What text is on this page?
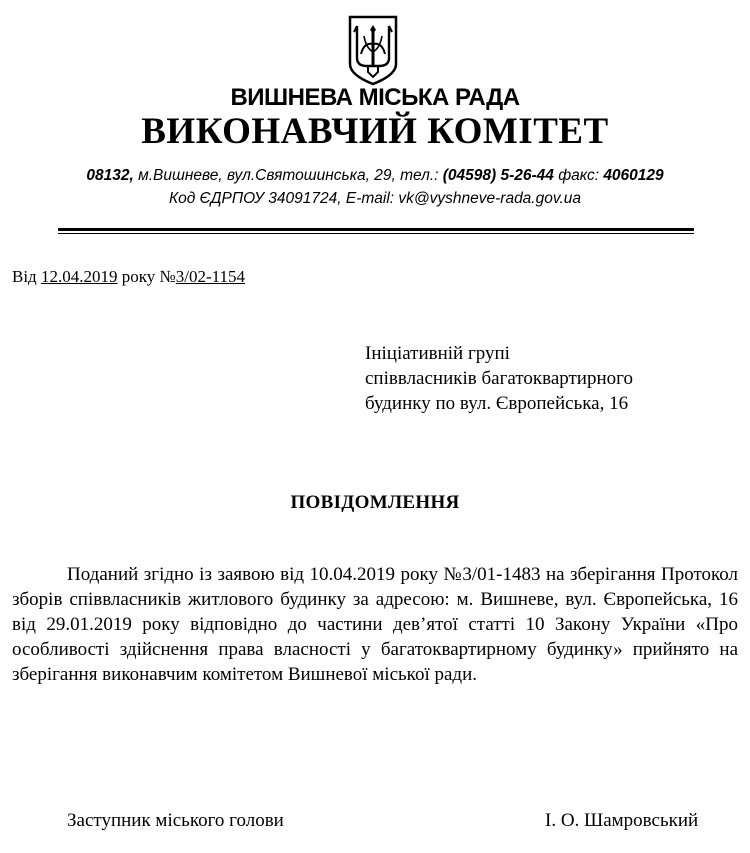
ВИШНЕВА МІСЬКА РАДА
ВИКОНАВЧИЙ КОМІТЕТ
08132, м.Вишневе, вул.Святошинська, 29, тел.: (04598) 5-26-44 факс: 4060129
Код ЄДРПОУ 34091724, E-mail: vk@vyshneve-rada.gov.ua
Від 12.04.2019 року №3/02-1154
Ініціативній групі
співвласників багатоквартирного
будинку по вул. Європейська, 16
ПОВІДОМЛЕННЯ

Поданий згідно із заявою від 10.04.2019 року №3/01-1483 на зберігання Протокол зборів співвласників житлового будинку за адресою: м. Вишневе, вул. Європейська, 16 від 29.01.2019 року відповідно до частини дев’ятої статті 10 Закону України «Про особливості здійснення права власності у багатоквартирному будинку» прийнято на зберігання виконавчим комітетом Вишневої міської ради.

Заступник міського голови	І. О. Шамровський
